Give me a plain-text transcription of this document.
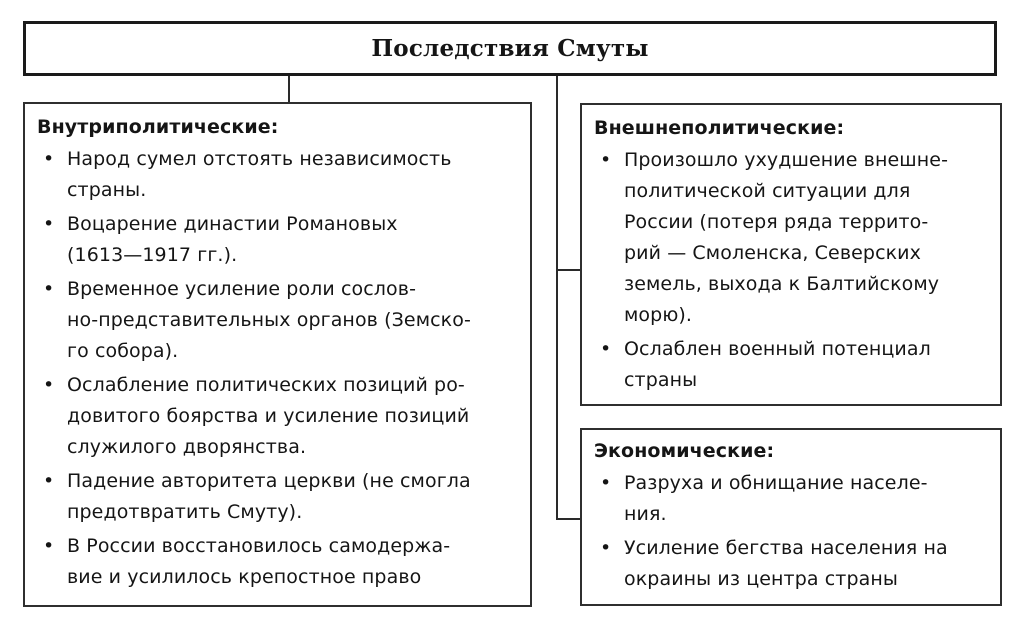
Последствия Смуты
Внутриполитические:
• Народ сумел отстоять независимость
страны.
• Воцарение династии Романовых
(1613—1917 гг.).
• Временное усиление роли сослов-
но-представительных органов (Земско-
го собора).
• Ослабление политических позиций ро-
довитого боярства и усиление позиций
служилого дворянства.
• Падение авторитета церкви (не смогла
предотвратить Смуту).
• В России восстановилось самодержа-
вие и усилилось крепостное право
Внешнеполитические:
• Произошло ухудшение внешне-
политической ситуации для
России (потеря ряда террито-
рий — Смоленска, Северских
земель, выхода к Балтийскому
морю).
• Ослаблен военный потенциал
страны
Экономические:
• Разруха и обнищание населе-
ния.
• Усиление бегства населения на
окраины из центра страны
